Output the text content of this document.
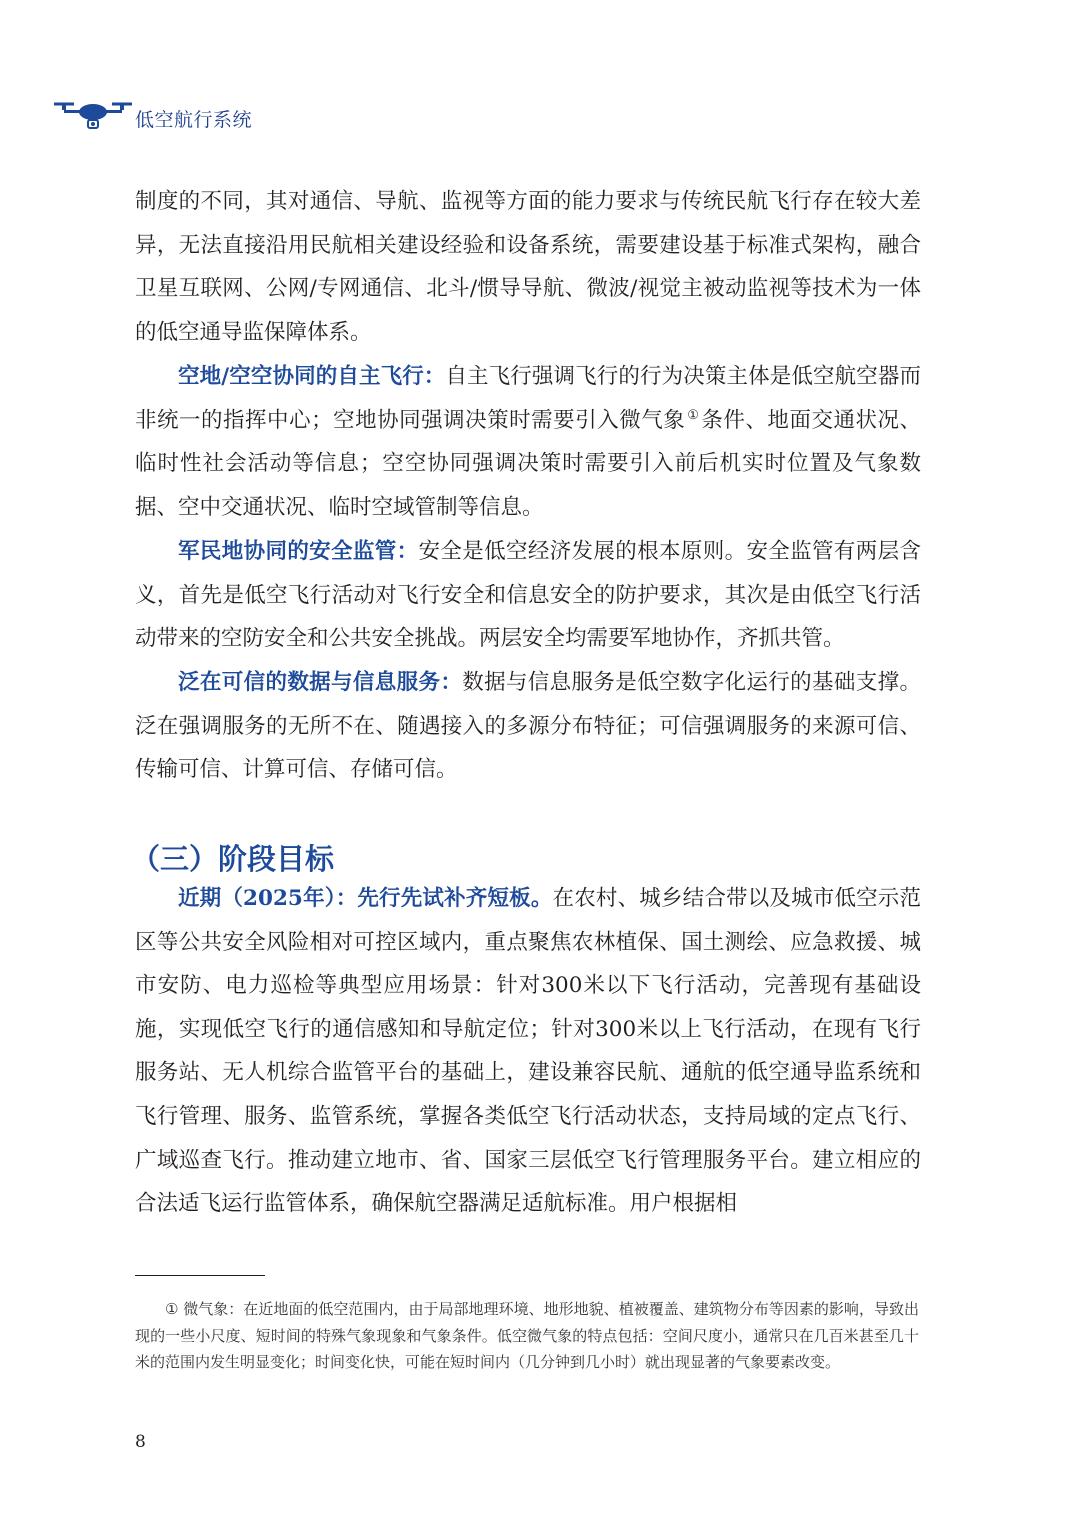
低空航行系统

制度的不同，其对通信、导航、监视等方面的能力要求与传统民航飞行存在较大差异，无法直接沿用民航相关建设经验和设备系统，需要建设基于标准式架构，融合卫星互联网、公网/专网通信、北斗/惯导导航、微波/视觉主被动监视等技术为一体的低空通导监保障体系。

空地/空空协同的自主飞行：自主飞行强调飞行的行为决策主体是低空航空器而非统一的指挥中心；空地协同强调决策时需要引入微气象 ①条件、地面交通状况、临时性社会活动等信息；空空协同强调决策时需要引入前后机实时位置及气象数据、空中交通状况、临时空域管制等信息。

军民地协同的安全监管：安全是低空经济发展的根本原则。安全监管有两层含义，首先是低空飞行活动对飞行安全和信息安全的防护要求，其次是由低空飞行活动带来的空防安全和公共安全挑战。两层安全均需要军地协作，齐抓共管。

泛在可信的数据与信息服务：数据与信息服务是低空数字化运行的基础支撑。泛在强调服务的无所不在、随遇接入的多源分布特征；可信强调服务的来源可信、传输可信、计算可信、存储可信。

（三）阶段目标

近期（2025年）：先行先试补齐短板。在农村、城乡结合带以及城市低空示范区等公共安全风险相对可控区域内，重点聚焦农林植保、国土测绘、应急救援、城市安防、电力巡检等典型应用场景：针对300米以下飞行活动，完善现有基础设施，实现低空飞行的通信感知和导航定位；针对300米以上飞行活动，在现有飞行服务站、无人机综合监管平台的基础上，建设兼容民航、通航的低空通导监系统和飞行管理、服务、监管系统，掌握各类低空飞行活动状态，支持局域的定点飞行、广域巡查飞行。推动建立地市、省、国家三层低空飞行管理服务平台。建立相应的合法适飞运行监管体系，确保航空器满足适航标准。用户根据相

① 微气象：在近地面的低空范围内，由于局部地理环境、地形地貌、植被覆盖、建筑物分布等因素的影响，导致出现的一些小尺度、短时间的特殊气象现象和气象条件。低空微气象的特点包括：空间尺度小，通常只在几百米甚至几十米的范围内发生明显变化；时间变化快，可能在短时间内（几分钟到几小时）就出现显著的气象要素改变。

8
